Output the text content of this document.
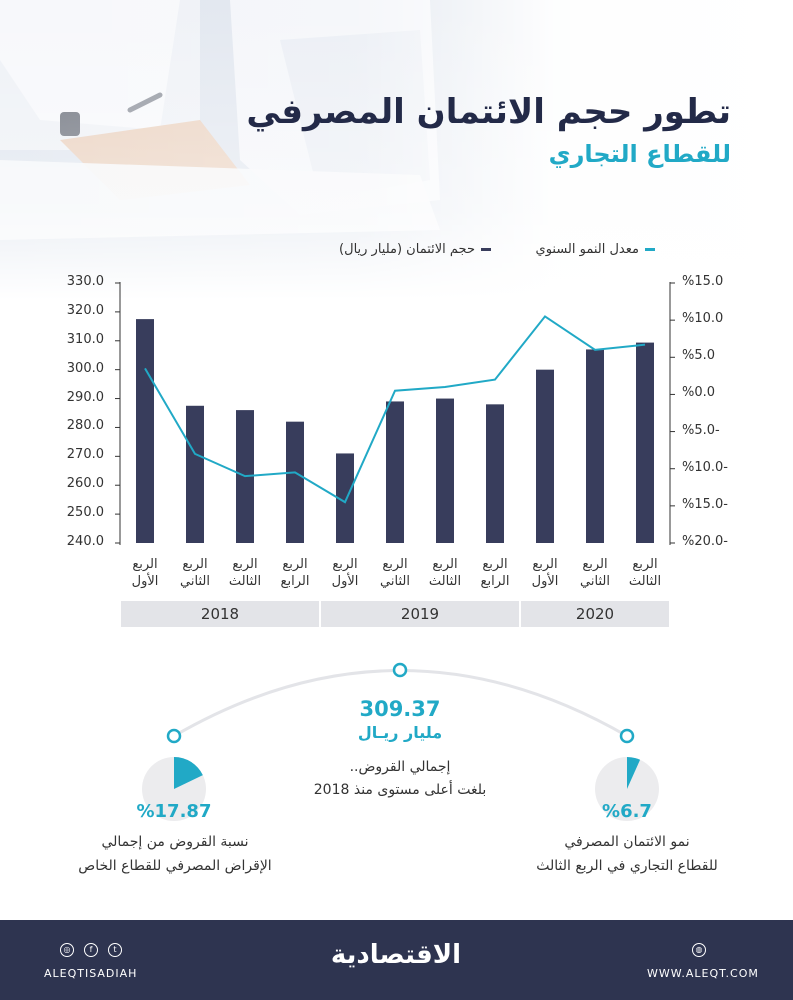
تطور حجم الائتمان المصرفي
للقطاع التجاري
معدل النمو السنوي
حجم الائتمان (مليار ريال)
330.0
320.0
310.0
300.0
290.0
280.0
270.0
260.0
250.0
240.0
%15.0
%10.0
%5.0
%0.0
%5.0-
%10.0-
%15.0-
%20.0-
الربع
الأول
الربع
الثاني
الربع
الثالث
الربع
الرابع
الربع
الأول
الربع
الثاني
الربع
الثالث
الربع
الرابع
الربع
الأول
الربع
الثاني
الربع
الثالث
2018	2019	2020
309.37
مليار ريـال
إجمالي القروض..
بلغت أعلى مستوى منذ 2018
%17.87
نسبة القروض من إجمالي
الإقراض المصرفي للقطاع الخاص
%6.7
نمو الائتمان المصرفي
للقطاع التجاري في الربع الثالث
◎	f	t
ALEQTISADIAH
الاقتصادية	◍
WWW.ALEQT.COM
